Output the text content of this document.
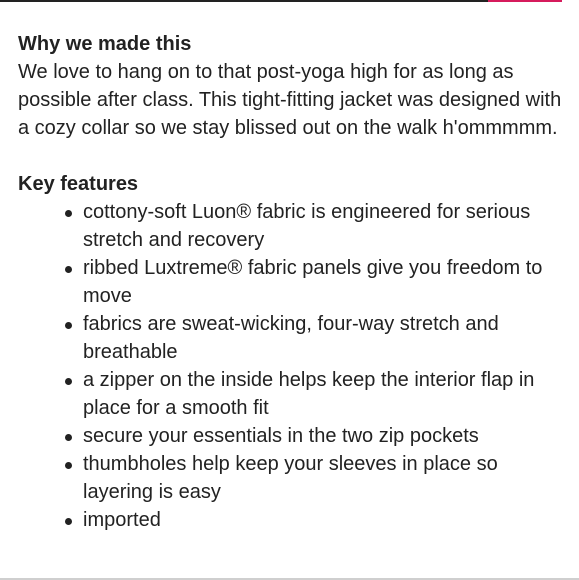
Why we made this

We love to hang on to that post-yoga high for as long as possible after class. This tight-fitting jacket was designed with a cozy collar so we stay blissed out on the walk h'ommmmm.

Key features

cottony-soft Luon® fabric is engineered for serious stretch and recovery
ribbed Luxtreme® fabric panels give you freedom to move
fabrics are sweat-wicking, four-way stretch and breathable
a zipper on the inside helps keep the interior flap in place for a smooth fit
secure your essentials in the two zip pockets
thumbholes help keep your sleeves in place so layering is easy
imported
